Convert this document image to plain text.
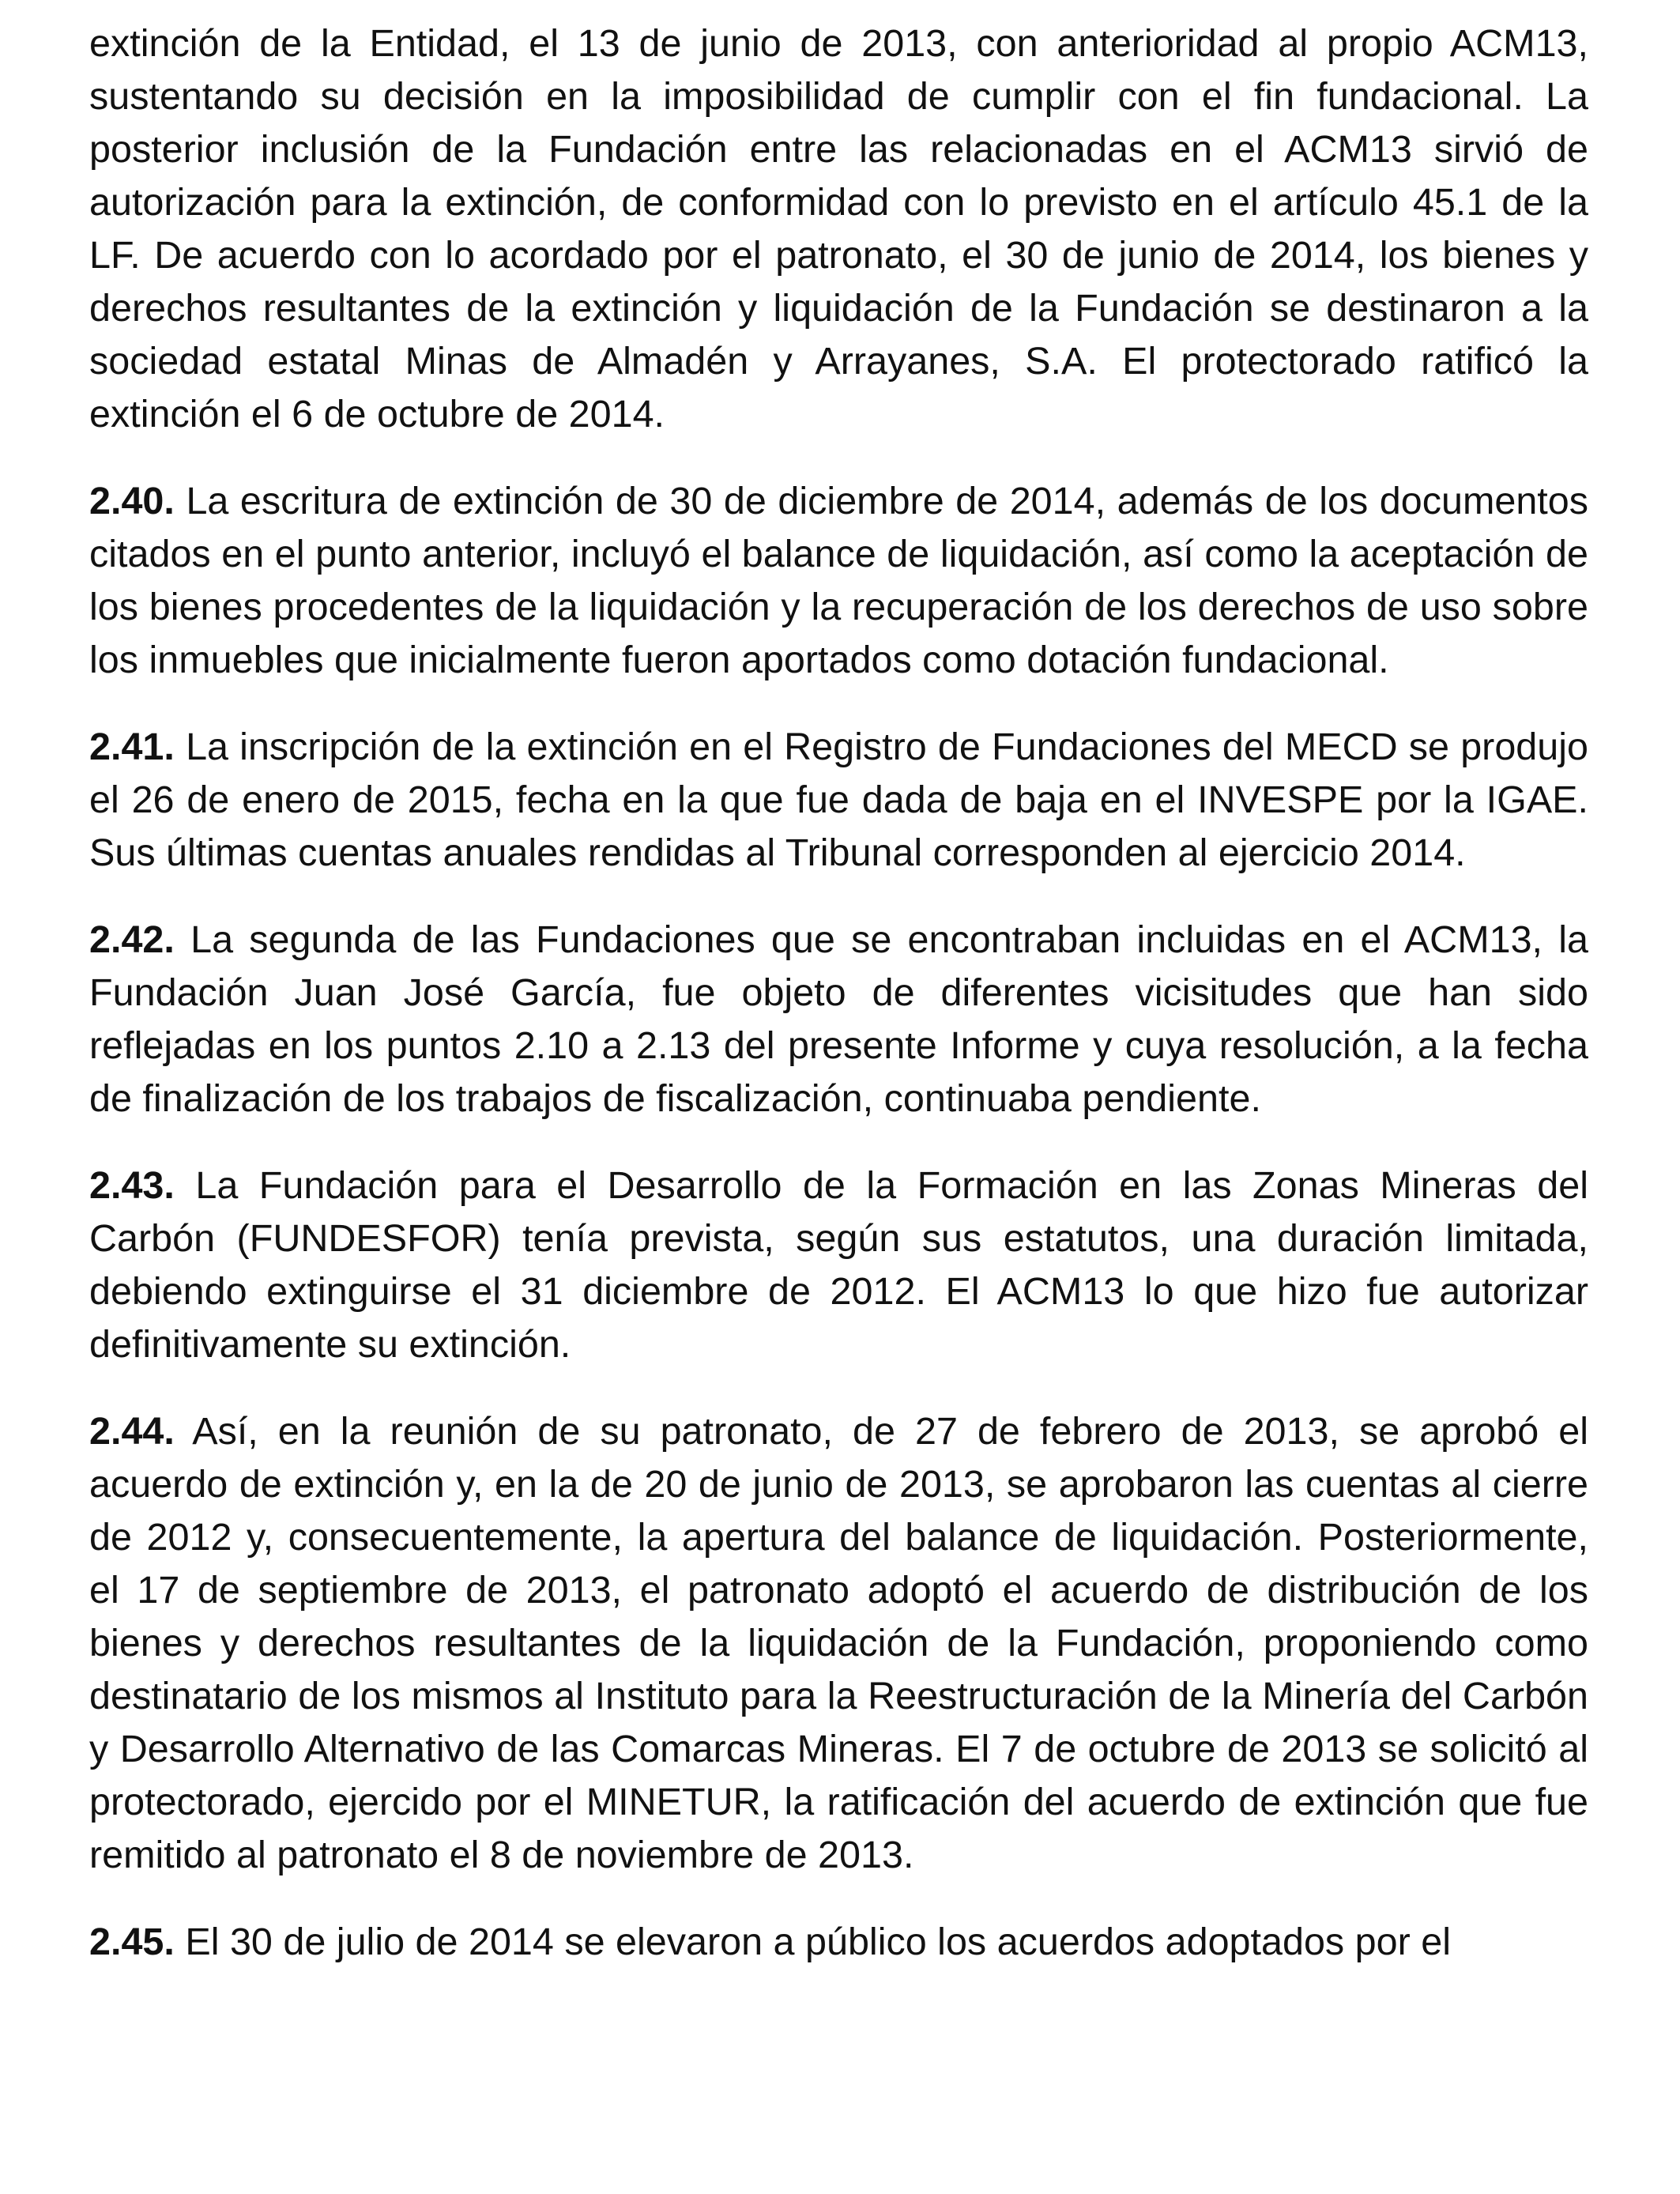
extinción de la Entidad, el 13 de junio de 2013, con anterioridad al propio ACM13, sustentando su decisión en la imposibilidad de cumplir con el fin fundacional. La posterior inclusión de la Fundación entre las relacionadas en el ACM13 sirvió de autorización para la extinción, de conformidad con lo previsto en el artículo 45.1 de la LF. De acuerdo con lo acordado por el patronato, el 30 de junio de 2014, los bienes y derechos resultantes de la extinción y liquidación de la Fundación se destinaron a la sociedad estatal Minas de Almadén y Arrayanes, S.A. El protectorado ratificó la extinción el 6 de octubre de 2014.

2.40. La escritura de extinción de 30 de diciembre de 2014, además de los documentos citados en el punto anterior, incluyó el balance de liquidación, así como la aceptación de los bienes procedentes de la liquidación y la recuperación de los derechos de uso sobre los inmuebles que inicialmente fueron aportados como dotación fundacional.

2.41. La inscripción de la extinción en el Registro de Fundaciones del MECD se produjo el 26 de enero de 2015, fecha en la que fue dada de baja en el INVESPE por la IGAE. Sus últimas cuentas anuales rendidas al Tribunal corresponden al ejercicio 2014.

2.42. La segunda de las Fundaciones que se encontraban incluidas en el ACM13, la Fundación Juan José García, fue objeto de diferentes vicisitudes que han sido reflejadas en los puntos 2.10 a 2.13 del presente Informe y cuya resolución, a la fecha de finalización de los trabajos de fiscalización, continuaba pendiente.

2.43. La Fundación para el Desarrollo de la Formación en las Zonas Mineras del Carbón (FUNDESFOR) tenía prevista, según sus estatutos, una duración limitada, debiendo extinguirse el 31 diciembre de 2012. El ACM13 lo que hizo fue autorizar definitivamente su extinción.

2.44. Así, en la reunión de su patronato, de 27 de febrero de 2013, se aprobó el acuerdo de extinción y, en la de 20 de junio de 2013, se aprobaron las cuentas al cierre de 2012 y, consecuentemente, la apertura del balance de liquidación. Posteriormente, el 17 de septiembre de 2013, el patronato adoptó el acuerdo de distribución de los bienes y derechos resultantes de la liquidación de la Fundación, proponiendo como destinatario de los mismos al Instituto para la Reestructuración de la Minería del Carbón y Desarrollo Alternativo de las Comarcas Mineras. El 7 de octubre de 2013 se solicitó al protectorado, ejercido por el MINETUR, la ratificación del acuerdo de extinción que fue remitido al patronato el 8 de noviembre de 2013.

2.45. El 30 de julio de 2014 se elevaron a público los acuerdos adoptados por el
